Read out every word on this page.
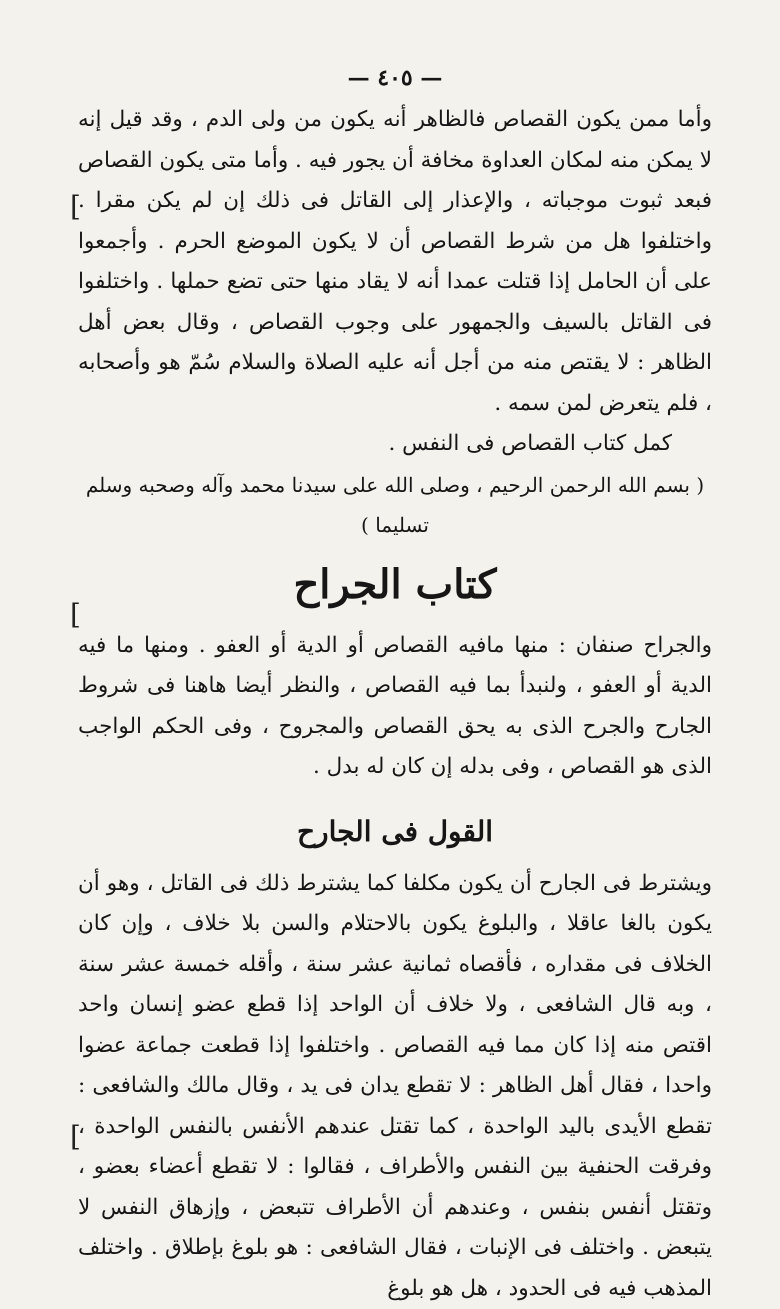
— ٤٠٥ —

وأما ممن يكون القصاص فالظاهر أنه يكون من ولى الدم ، وقد قيل إنه لا يمكن منه لمكان العداوة مخافة أن يجور فيه . وأما متى يكون القصاص فبعد ثبوت موجباته ، والإعذار إلى القاتل فى ذلك إن لم يكن مقرا . واختلفوا هل من شرط القصاص أن لا يكون الموضع الحرم . وأجمعوا على أن الحامل إذا قتلت عمدا أنه لا يقاد منها حتى تضع حملها . واختلفوا فى القاتل بالسيف والجمهور على وجوب القصاص ، وقال بعض أهل الظاهر : لا يقتص منه من أجل أنه عليه الصلاة والسلام سُمّ هو وأصحابه ، فلم يتعرض لمن سمه .

كمل كتاب القصاص فى النفس .

( بسم الله الرحمن الرحيم ، وصلى الله على سيدنا محمد وآله وصحبه وسلم تسليما )

كتاب الجراح

والجراح صنفان : منها مافيه القصاص أو الدية أو العفو . ومنها ما فيه الدية أو العفو ، ولنبدأ بما فيه القصاص ، والنظر أيضا هاهنا فى شروط الجارح والجرح الذى به يحق القصاص والمجروح ، وفى الحكم الواجب الذى هو القصاص ، وفى بدله إن كان له بدل .

القول فى الجارح

ويشترط فى الجارح أن يكون مكلفا كما يشترط ذلك فى القاتل ، وهو أن يكون بالغا عاقلا ، والبلوغ يكون بالاحتلام والسن بلا خلاف ، وإن كان الخلاف فى مقداره ، فأقصاه ثمانية عشر سنة ، وأقله خمسة عشر سنة ، وبه قال الشافعى ، ولا خلاف أن الواحد إذا قطع عضو إنسان واحد اقتص منه إذا كان مما فيه القصاص . واختلفوا إذا قطعت جماعة عضوا واحدا ، فقال أهل الظاهر : لا تقطع يدان فى يد ، وقال مالك والشافعى : تقطع الأيدى باليد الواحدة ، كما تقتل عندهم الأنفس بالنفس الواحدة ، وفرقت الحنفية بين النفس والأطراف ، فقالوا : لا تقطع أعضاء بعضو ، وتقتل أنفس بنفس ، وعندهم أن الأطراف تتبعض ، وإزهاق النفس لا يتبعض . واختلف فى الإنبات ، فقال الشافعى : هو بلوغ بإطلاق . واختلف المذهب فيه فى الحدود ، هل هو بلوغ

[
[
[
